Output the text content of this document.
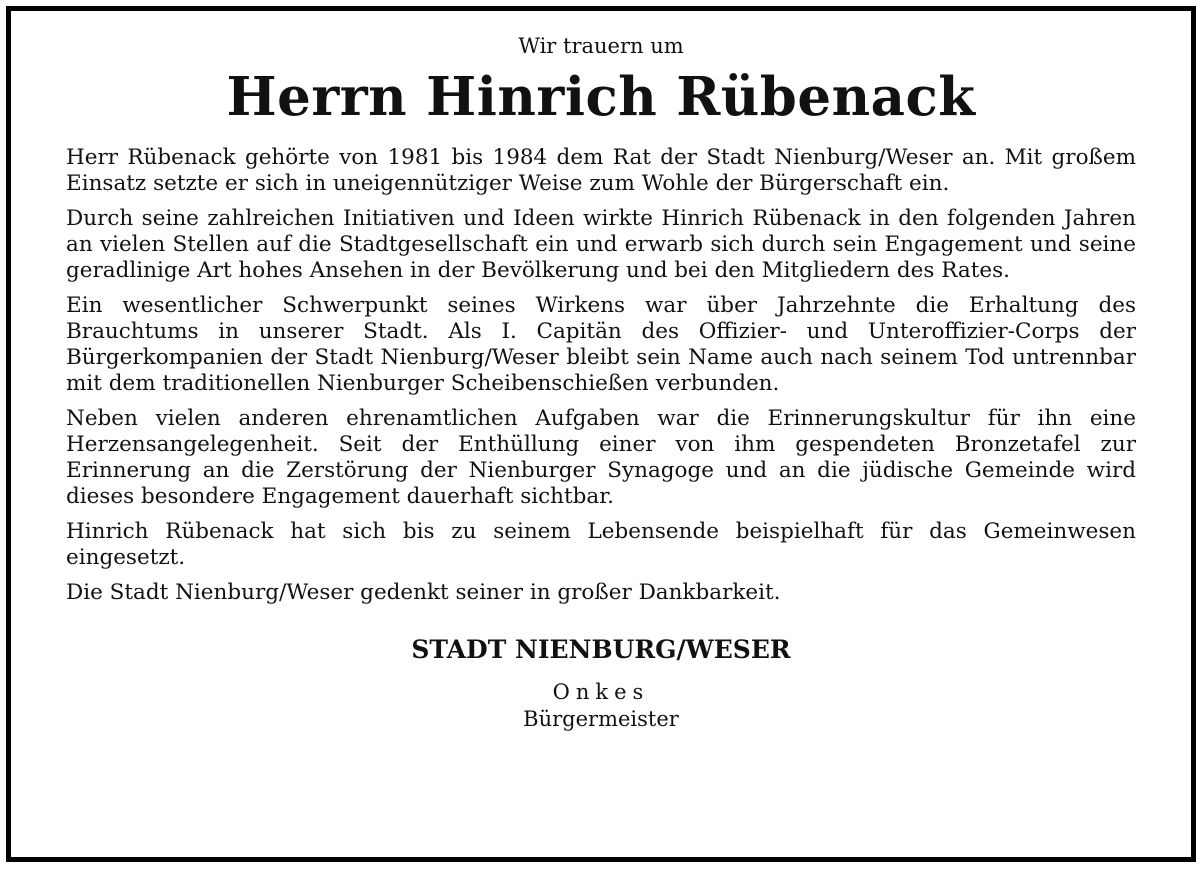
Wir trauern um
Herrn Hinrich Rübenack

Herr Rübenack gehörte von 1981 bis 1984 dem Rat der Stadt Nienburg/Weser an. Mit großem Einsatz setzte er sich in uneigennütziger Weise zum Wohle der Bürgerschaft ein.

Durch seine zahlreichen Initiativen und Ideen wirkte Hinrich Rübenack in den folgenden Jahren an vielen Stellen auf die Stadtgesellschaft ein und erwarb sich durch sein Engagement und seine geradlinige Art hohes Ansehen in der Bevölkerung und bei den Mitgliedern des Rates.

Ein wesentlicher Schwerpunkt seines Wirkens war über Jahrzehnte die Erhaltung des Brauchtums in unserer Stadt. Als I. Capitän des Offizier- und Unteroffizier-Corps der Bürgerkompanien der Stadt Nienburg/Weser bleibt sein Name auch nach seinem Tod untrennbar mit dem traditionellen Nienburger Scheibenschießen verbunden.

Neben vielen anderen ehrenamtlichen Aufgaben war die Erinnerungskultur für ihn eine Herzensangelegenheit. Seit der Enthüllung einer von ihm gespendeten Bronzetafel zur Erinnerung an die Zerstörung der Nienburger Synagoge und an die jüdische Gemeinde wird dieses besondere Engagement dauerhaft sichtbar.

Hinrich Rübenack hat sich bis zu seinem Lebensende beispielhaft für das Gemeinwesen eingesetzt.

Die Stadt Nienburg/Weser gedenkt seiner in großer Dankbarkeit.

STADT NIENBURG/WESER
Onkes
Bürgermeister
